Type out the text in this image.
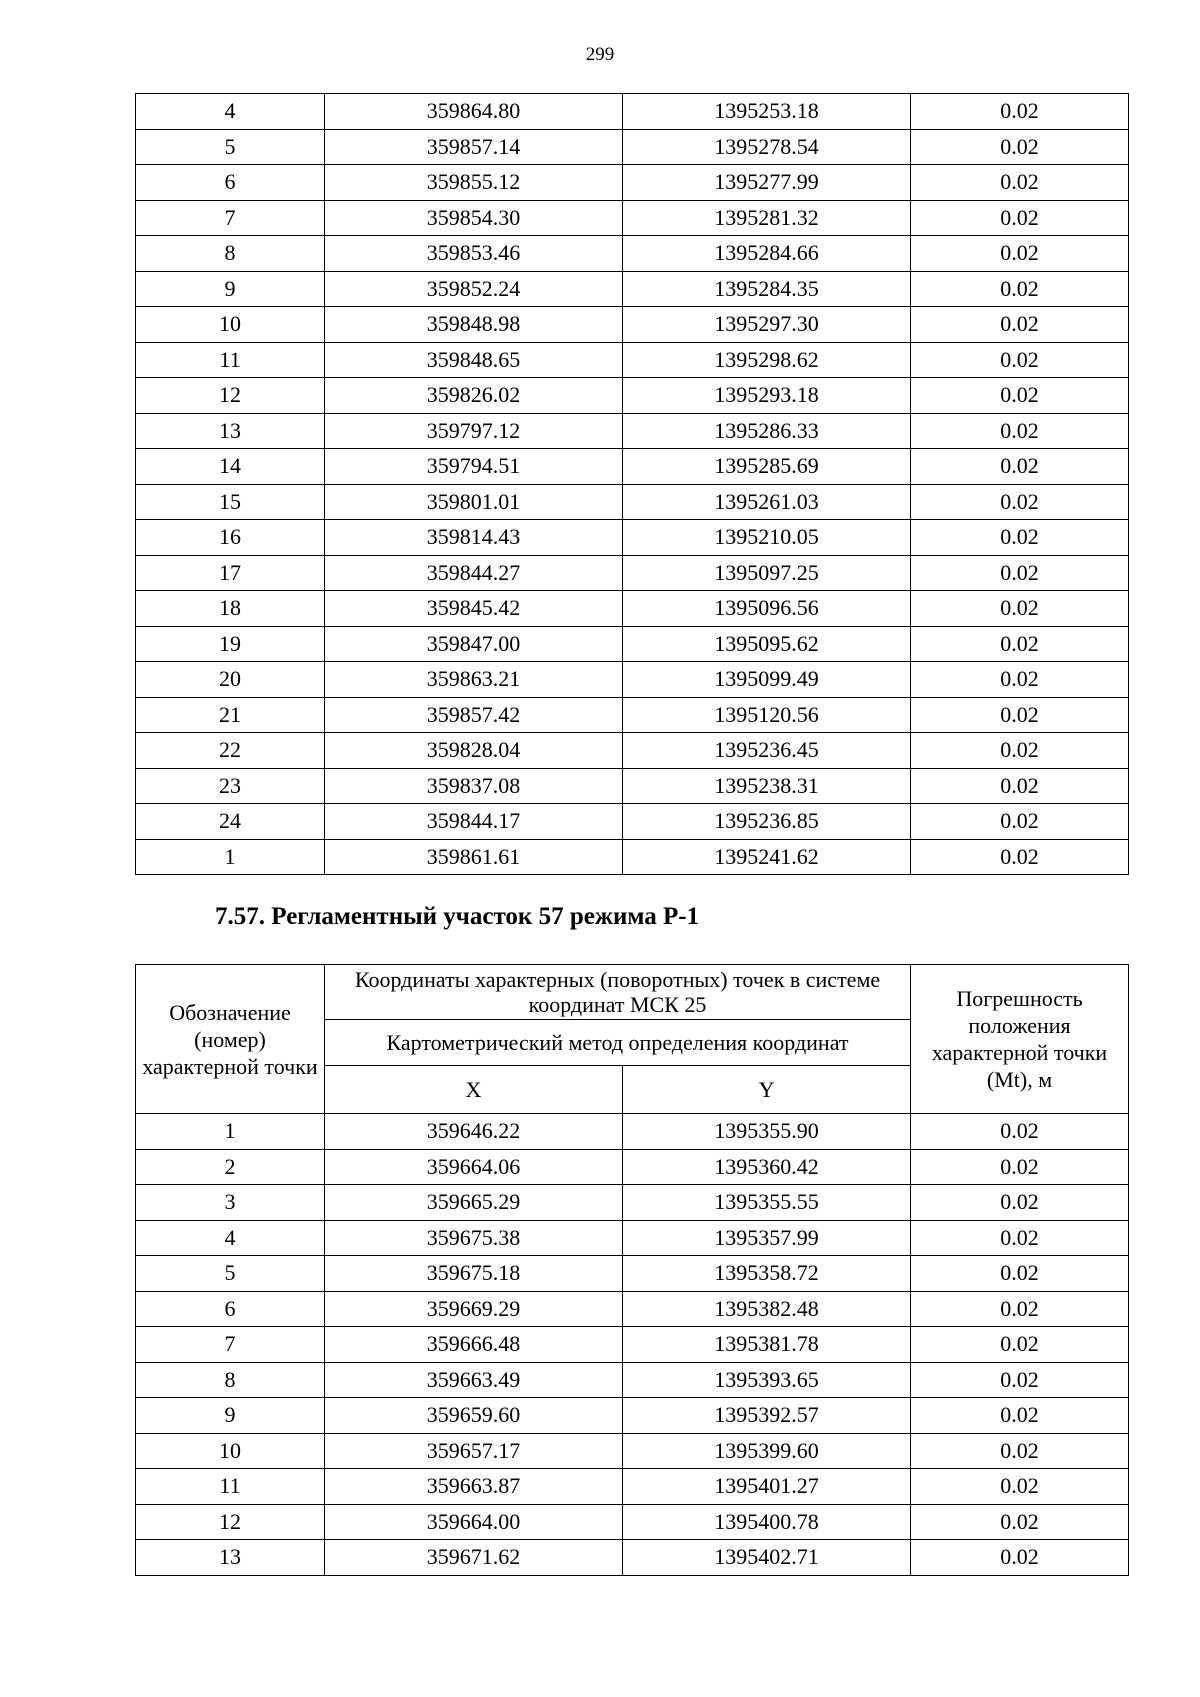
299
4	359864.80	1395253.18	0.02
5	359857.14	1395278.54	0.02
6	359855.12	1395277.99	0.02
7	359854.30	1395281.32	0.02
8	359853.46	1395284.66	0.02
9	359852.24	1395284.35	0.02
10	359848.98	1395297.30	0.02
11	359848.65	1395298.62	0.02
12	359826.02	1395293.18	0.02
13	359797.12	1395286.33	0.02
14	359794.51	1395285.69	0.02
15	359801.01	1395261.03	0.02
16	359814.43	1395210.05	0.02
17	359844.27	1395097.25	0.02
18	359845.42	1395096.56	0.02
19	359847.00	1395095.62	0.02
20	359863.21	1395099.49	0.02
21	359857.42	1395120.56	0.02
22	359828.04	1395236.45	0.02
23	359837.08	1395238.31	0.02
24	359844.17	1395236.85	0.02
1	359861.61	1395241.62	0.02
7.57. Регламентный участок 57 режима Р-1
Обозначение (номер) характерной точки	Координаты характерных (поворотных) точек в системе координат МСК 25		Погрешность положения характерной точки (Mt), м
	Картометрический метод определения координат		
	X	Y	
1	359646.22	1395355.90	0.02
2	359664.06	1395360.42	0.02
3	359665.29	1395355.55	0.02
4	359675.38	1395357.99	0.02
5	359675.18	1395358.72	0.02
6	359669.29	1395382.48	0.02
7	359666.48	1395381.78	0.02
8	359663.49	1395393.65	0.02
9	359659.60	1395392.57	0.02
10	359657.17	1395399.60	0.02
11	359663.87	1395401.27	0.02
12	359664.00	1395400.78	0.02
13	359671.62	1395402.71	0.02
